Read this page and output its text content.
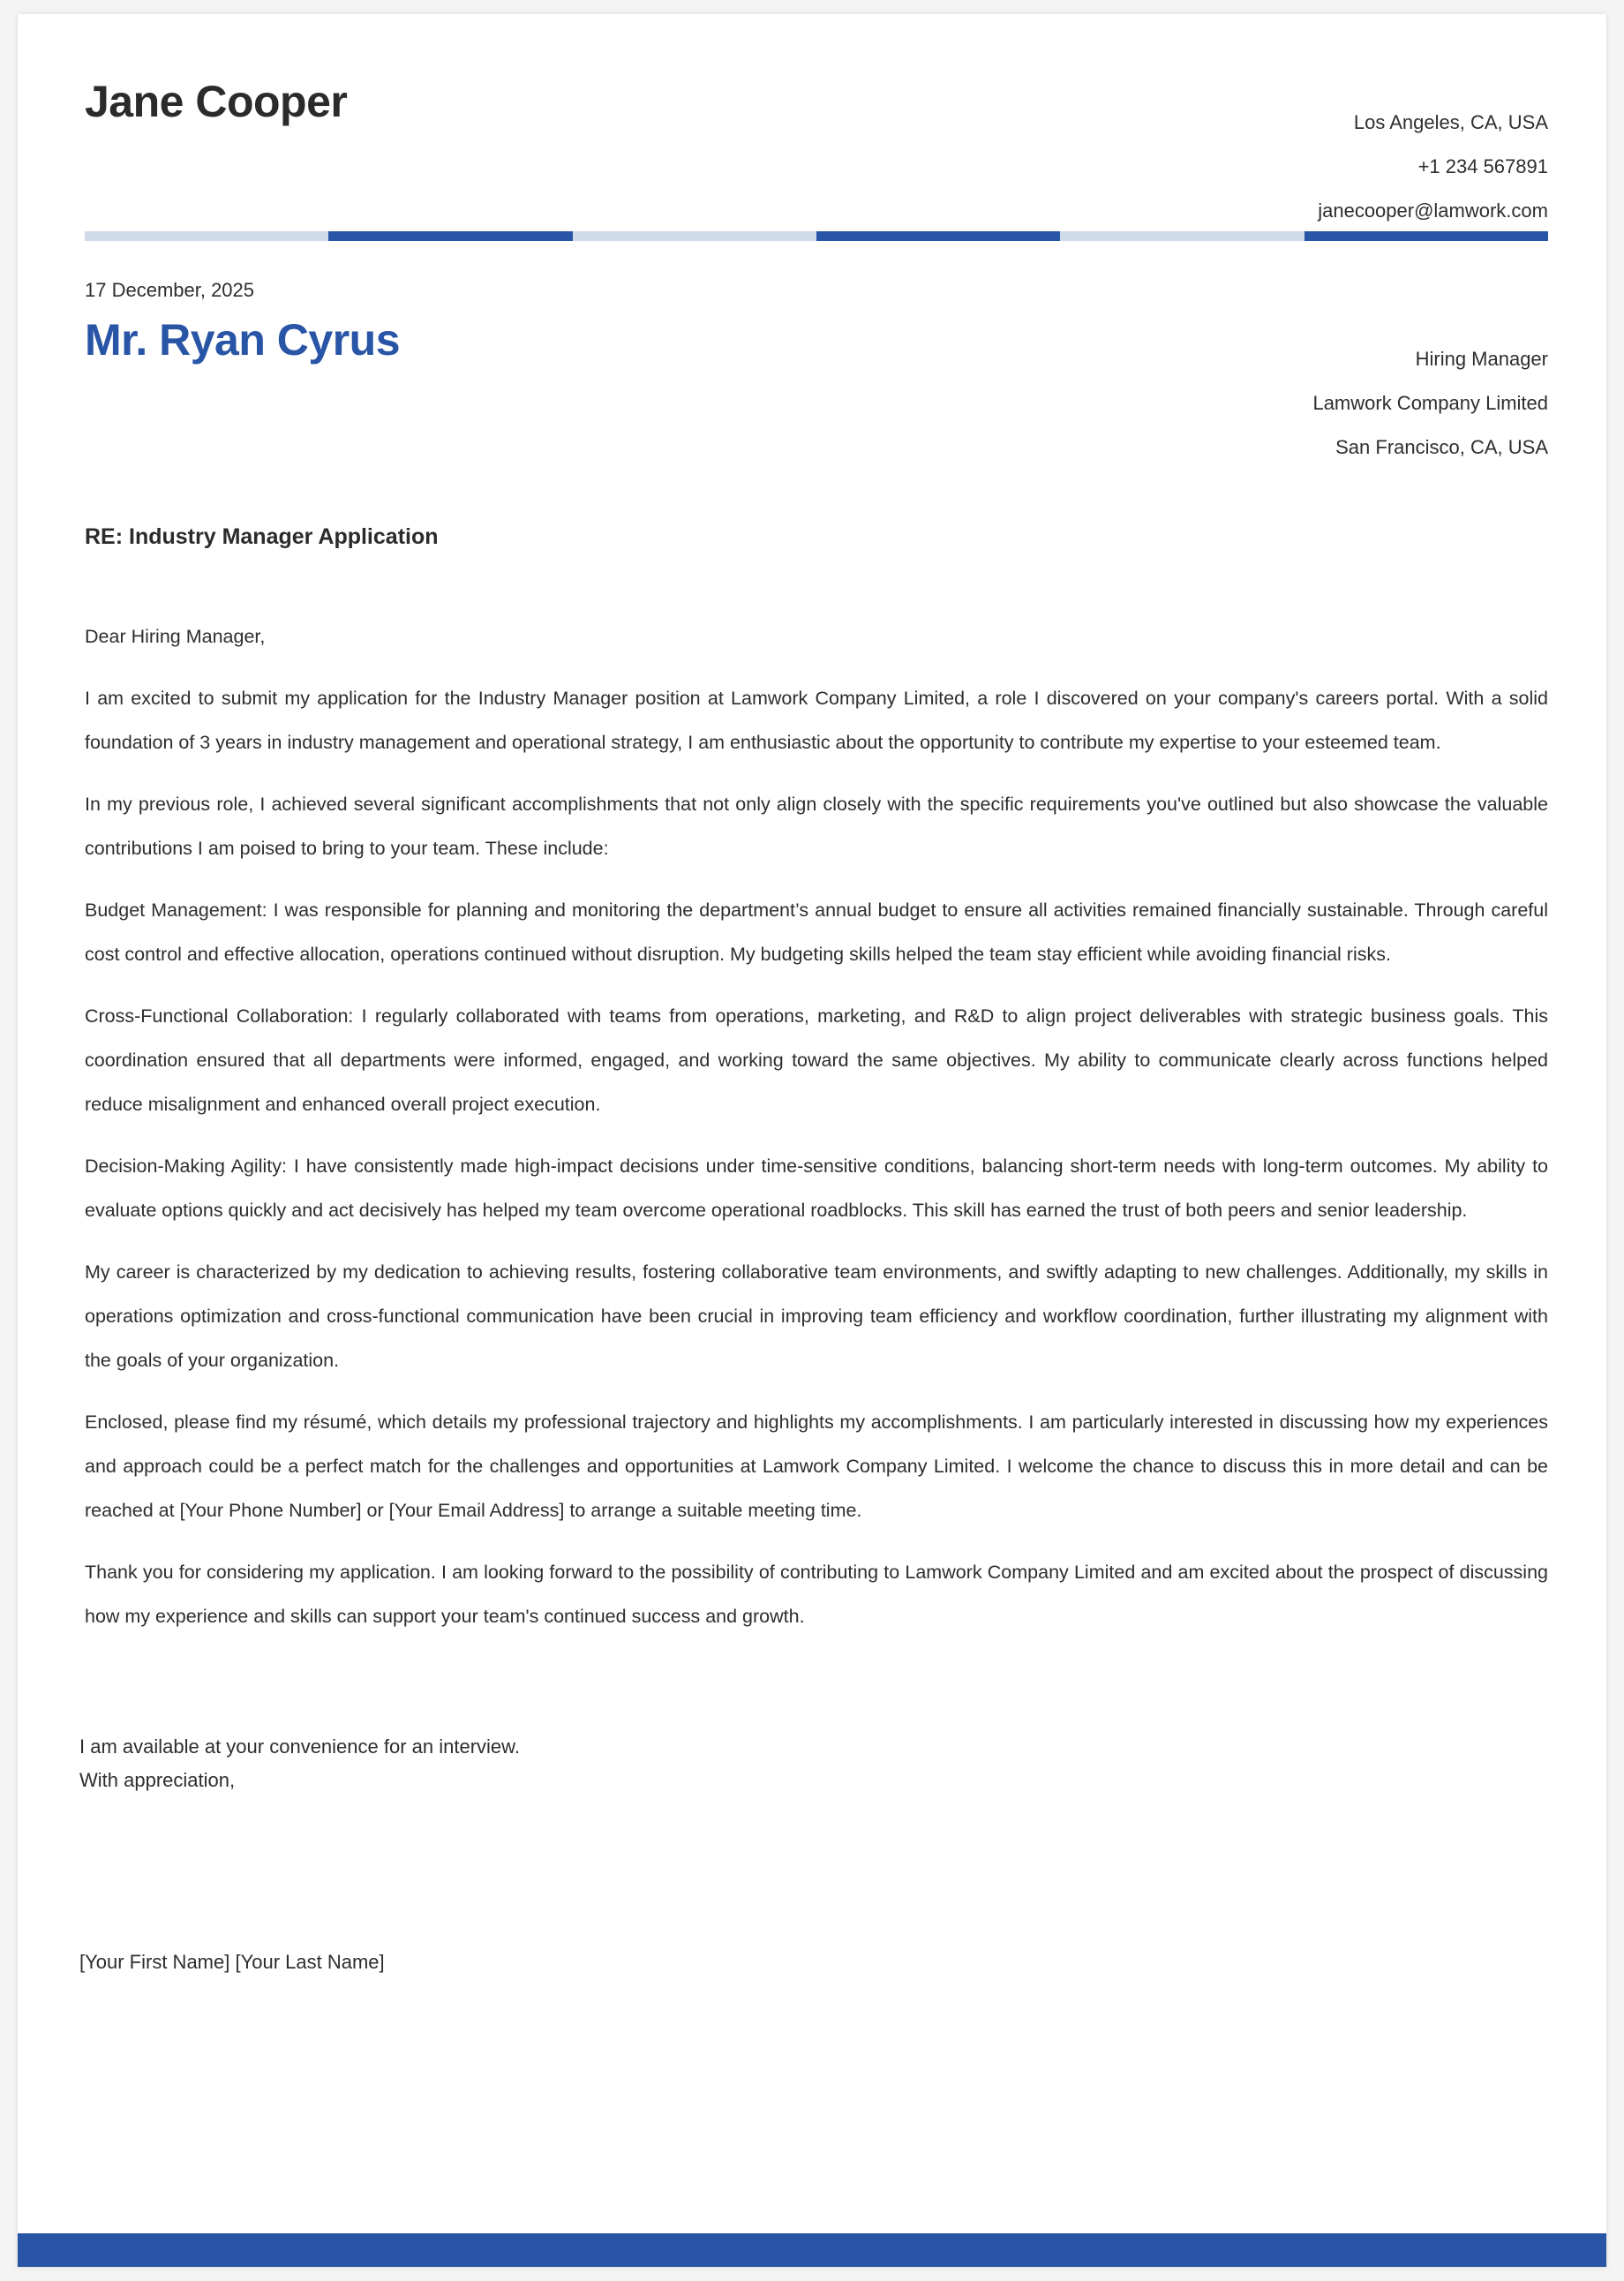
Jane Cooper	Los Angeles, CA, USA
+1 234 567891
janecooper@lamwork.com
17 December, 2025
Mr. Ryan Cyrus	Hiring Manager
Lamwork Company Limited
San Francisco, CA, USA
RE: Industry Manager Application

Dear Hiring Manager,

I am excited to submit my application for the Industry Manager position at Lamwork Company Limited, a role I discovered on your company's careers portal. With a solid foundation of 3 years in industry management and operational strategy, I am enthusiastic about the opportunity to contribute my expertise to your esteemed team.

In my previous role, I achieved several significant accomplishments that not only align closely with the specific requirements you've outlined but also showcase the valuable contributions I am poised to bring to your team. These include:

Budget Management: I was responsible for planning and monitoring the department’s annual budget to ensure all activities remained financially sustainable. Through careful cost control and effective allocation, operations continued without disruption. My budgeting skills helped the team stay efficient while avoiding financial risks.

Cross-Functional Collaboration: I regularly collaborated with teams from operations, marketing, and R&D to align project deliverables with strategic business goals. This coordination ensured that all departments were informed, engaged, and working toward the same objectives. My ability to communicate clearly across functions helped reduce misalignment and enhanced overall project execution.

Decision-Making Agility: I have consistently made high-impact decisions under time-sensitive conditions, balancing short-term needs with long-term outcomes. My ability to evaluate options quickly and act decisively has helped my team overcome operational roadblocks. This skill has earned the trust of both peers and senior leadership.

My career is characterized by my dedication to achieving results, fostering collaborative team environments, and swiftly adapting to new challenges. Additionally, my skills in operations optimization and cross-functional communication have been crucial in improving team efficiency and workflow coordination, further illustrating my alignment with the goals of your organization.

Enclosed, please find my résumé, which details my professional trajectory and highlights my accomplishments. I am particularly interested in discussing how my experiences and approach could be a perfect match for the challenges and opportunities at Lamwork Company Limited. I welcome the chance to discuss this in more detail and can be reached at [Your Phone Number] or [Your Email Address] to arrange a suitable meeting time.

Thank you for considering my application. I am looking forward to the possibility of contributing to Lamwork Company Limited and am excited about the prospect of discussing how my experience and skills can support your team's continued success and growth.

I am available at your convenience for an interview.
With appreciation,
[Your First Name] [Your Last Name]
